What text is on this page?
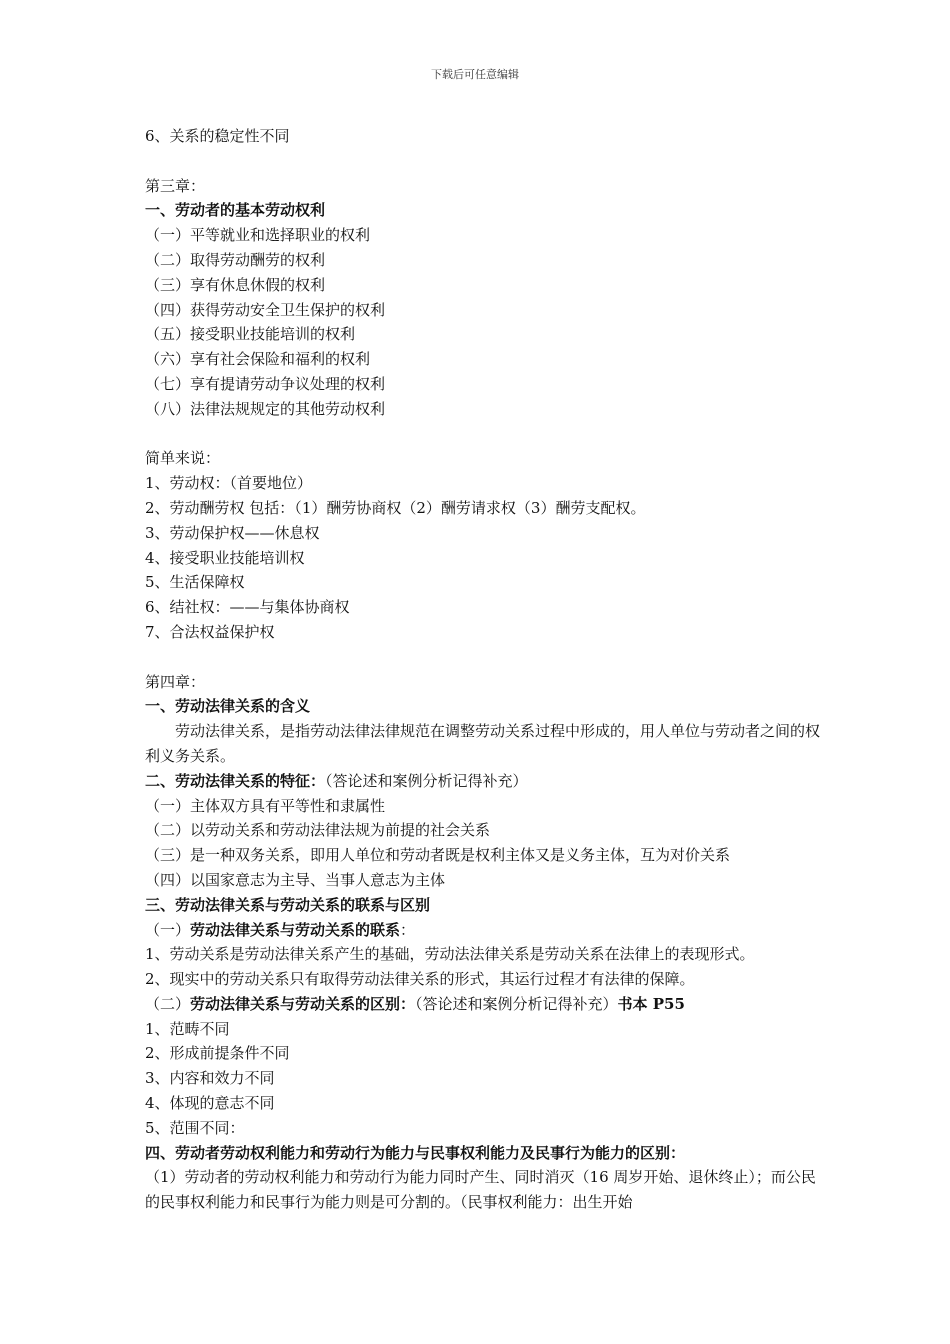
下载后可任意编辑
6、关系的稳定性不同
第三章：
一、劳动者的基本劳动权利
（一）平等就业和选择职业的权利
（二）取得劳动酬劳的权利
（三）享有休息休假的权利
（四）获得劳动安全卫生保护的权利
（五）接受职业技能培训的权利
（六）享有社会保险和福利的权利
（七）享有提请劳动争议处理的权利
（八）法律法规规定的其他劳动权利
简单来说：
1、劳动权：（首要地位）
2、劳动酬劳权 包括：（1）酬劳协商权（2）酬劳请求权（3）酬劳支配权。
3、劳动保护权——休息权
4、接受职业技能培训权
5、生活保障权
6、结社权：——与集体协商权
7、合法权益保护权
第四章：
一、劳动法律关系的含义
劳动法律关系，是指劳动法律法律规范在调整劳动关系过程中形成的，用人单位与劳动者之间的权利义务关系。
二、劳动法律关系的特征：（答论述和案例分析记得补充）
（一）主体双方具有平等性和隶属性
（二）以劳动关系和劳动法律法规为前提的社会关系
（三）是一种双务关系，即用人单位和劳动者既是权利主体又是义务主体，互为对价关系
（四）以国家意志为主导、当事人意志为主体
三、劳动法律关系与劳动关系的联系与区别
（一）劳动法律关系与劳动关系的联系：
1、劳动关系是劳动法律关系产生的基础，劳动法法律关系是劳动关系在法律上的表现形式。
2、现实中的劳动关系只有取得劳动法律关系的形式，其运行过程才有法律的保障。
（二）劳动法律关系与劳动关系的区别：（答论述和案例分析记得补充）书本 P55
1、范畴不同
2、形成前提条件不同
3、内容和效力不同
4、体现的意志不同
5、范围不同：
四、劳动者劳动权利能力和劳动行为能力与民事权利能力及民事行为能力的区别：
（1）劳动者的劳动权利能力和劳动行为能力同时产生、同时消灭（16 周岁开始、退休终止）；而公民的民事权利能力和民事行为能力则是可分割的。（民事权利能力：出生开始
